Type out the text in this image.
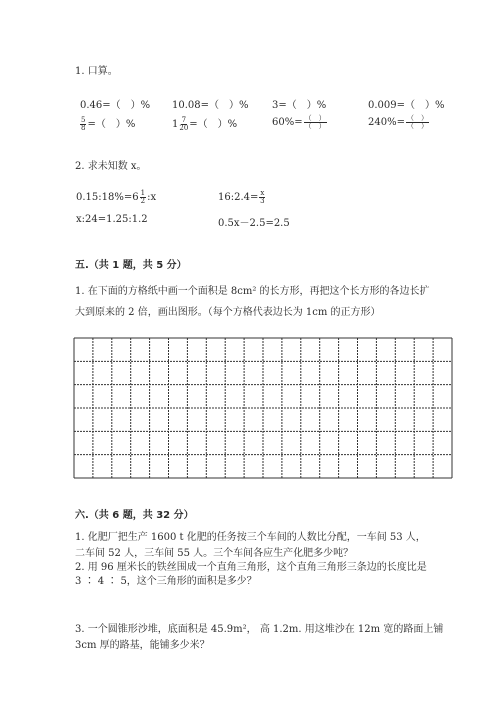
1. 口算。
0.46=（　）% 10.08=（　）% 3=（　）%	0.009=（　）%
$\frac{5}{8}$ =（　）%	$1 \frac{7}{20}$ =（　）%	$60\%= \frac{( )}{( )}$	$240\%= \frac{( )}{( )}$
2. 求未知数 x。
0.15:18%=6 $\frac{1}{2}$ :x	16:2.4= $\frac{x}{3}$
x:24=1.25:1.2	0.5x－2.5=2.5
五.（共 1 题，共 5 分）
1. 在下面的方格纸中画一个面积是 8cm² 的长方形，再把这个长方形的各边长扩
大到原来的 2 倍，画出图形。（每个方格代表边长为 1cm 的正方形）
六.（共 6 题，共 32 分）
1. 化肥厂把生产 1600 t 化肥的任务按三个车间的人数比分配，一车间 53 人，
二车间 52 人，三车间 55 人。三个车间各应生产化肥多少吨？
2. 用 96 厘米长的铁丝围成一个直角三角形，这个直角三角形三条边的长度比是
3 ∶ 4 ∶ 5，这个三角形的面积是多少？
3. 一个圆锥形沙堆，底面积是 45.9m²， 高 1.2m. 用这堆沙在 12m 宽的路面上铺
3cm 厚的路基，能铺多少米？
